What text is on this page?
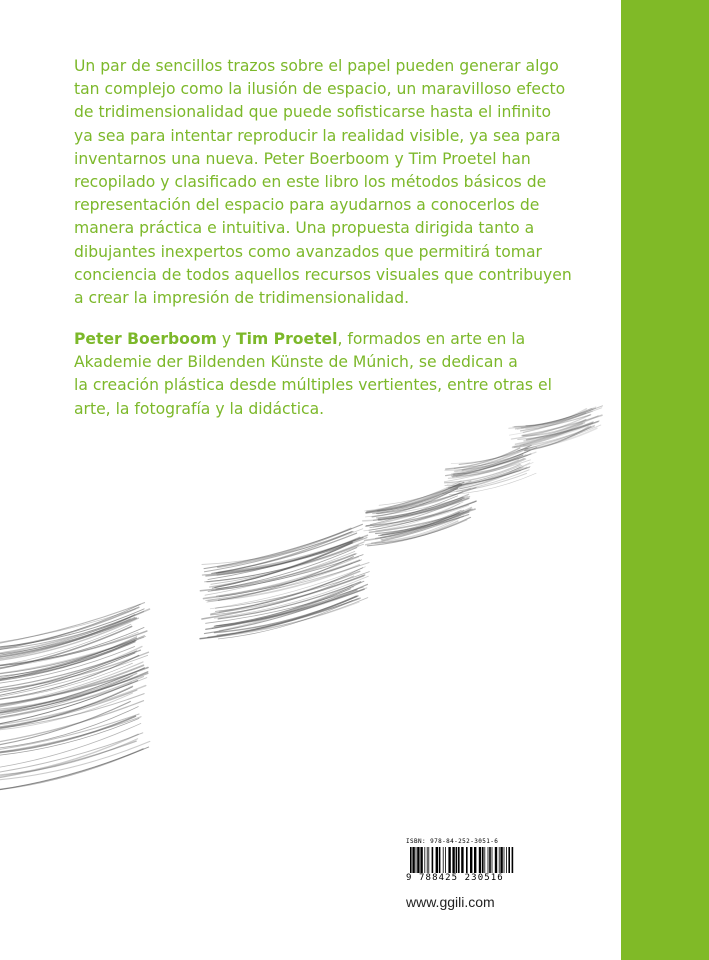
Un par de sencillos trazos sobre el papel pueden generar algo
tan complejo como la ilusión de espacio, un maravilloso efecto
de tridimensionalidad que puede sofisticarse hasta el infinito
ya sea para intentar reproducir la realidad visible, ya sea para
inventarnos una nueva. Peter Boerboom y Tim Proetel han
recopilado y clasificado en este libro los métodos básicos de
representación del espacio para ayudarnos a conocerlos de
manera práctica e intuitiva. Una propuesta dirigida tanto a
dibujantes inexpertos como avanzados que permitirá tomar
conciencia de todos aquellos recursos visuales que contribuyen
a crear la impresión de tridimensionalidad.

Peter Boerboom y Tim Proetel, formados en arte en la
Akademie der Bildenden Künste de Múnich, se dedican a
la creación plástica desde múltiples vertientes, entre otras el
arte, la fotografía y la didáctica.

ISBN: 978-84-252-3051-6
9 788425 230516
www.ggili.com
